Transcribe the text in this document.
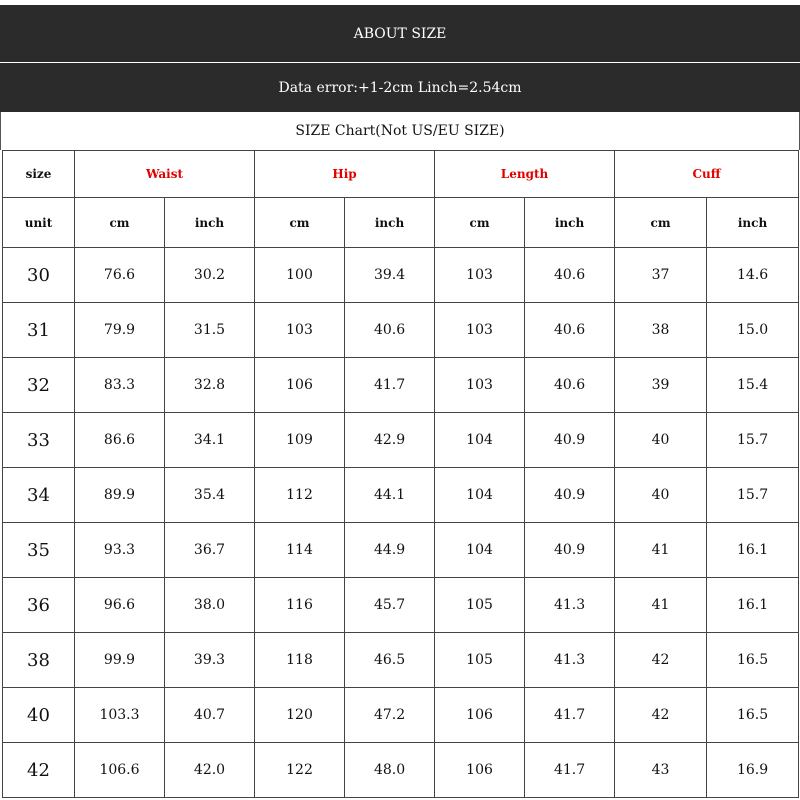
ABOUT SIZE
Data error:+1-2cm Linch=2.54cm
SIZE Chart(Not US/EU SIZE)
size	Waist		Hip		Length		Cuff	
unit	cm	inch	cm	inch	cm	inch	cm	inch
30	76.6	30.2	100	39.4	103	40.6	37	14.6
31	79.9	31.5	103	40.6	103	40.6	38	15.0
32	83.3	32.8	106	41.7	103	40.6	39	15.4
33	86.6	34.1	109	42.9	104	40.9	40	15.7
34	89.9	35.4	112	44.1	104	40.9	40	15.7
35	93.3	36.7	114	44.9	104	40.9	41	16.1
36	96.6	38.0	116	45.7	105	41.3	41	16.1
38	99.9	39.3	118	46.5	105	41.3	42	16.5
40	103.3	40.7	120	47.2	106	41.7	42	16.5
42	106.6	42.0	122	48.0	106	41.7	43	16.9
